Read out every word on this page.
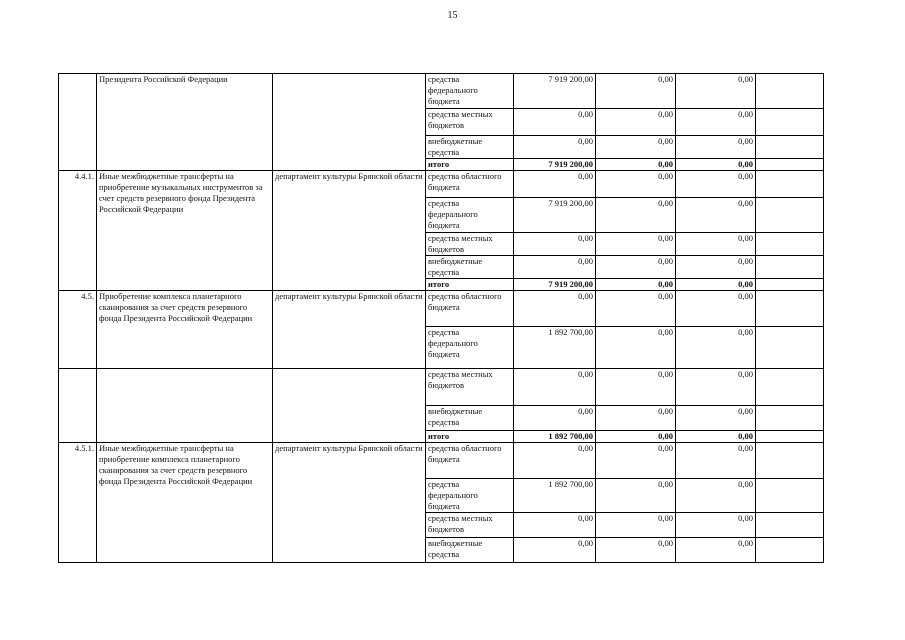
15
	Президента Российской Федерации		средства федерального бюджета	7 919 200,00	0,00	0,00	
			средства местных бюджетов	0,00	0,00	0,00	
			внебюджетные средства	0,00	0,00	0,00	
			итого	7 919 200,00	0,00	0,00	
4.4.1.	Иные межбюджетные трансферты на приобретение музыкальных инструментов за счет средств резервного фонда Президента Российской Федерации	департамент культуры Брянской области	средства областного бюджета	0,00	0,00	0,00	
			средства федерального бюджета	7 919 200,00	0,00	0,00	
			средства местных бюджетов	0,00	0,00	0,00	
			внебюджетные средства	0,00	0,00	0,00	
			итого	7 919 200,00	0,00	0,00	
4.5.	Приобретение комплекса планетарного сканирования за счет средств резервного фонда Президента Российской Федерации	департамент культуры Брянской области	средства областного бюджета	0,00	0,00	0,00	
			средства федерального бюджета	1 892 700,00	0,00	0,00	
			средства местных бюджетов	0,00	0,00	0,00	
			внебюджетные средства	0,00	0,00	0,00	
			итого	1 892 700,00	0,00	0,00	
4.5.1.	Иные межбюджетные трансферты на приобретение комплекса планетарного сканирования за счет средств резервного фонда Президента Российской Федерации	департамент культуры Брянской области	средства областного бюджета	0,00	0,00	0,00	
			средства федерального бюджета	1 892 700,00	0,00	0,00	
			средства местных бюджетов	0,00	0,00	0,00	
			внебюджетные средства	0,00	0,00	0,00	
